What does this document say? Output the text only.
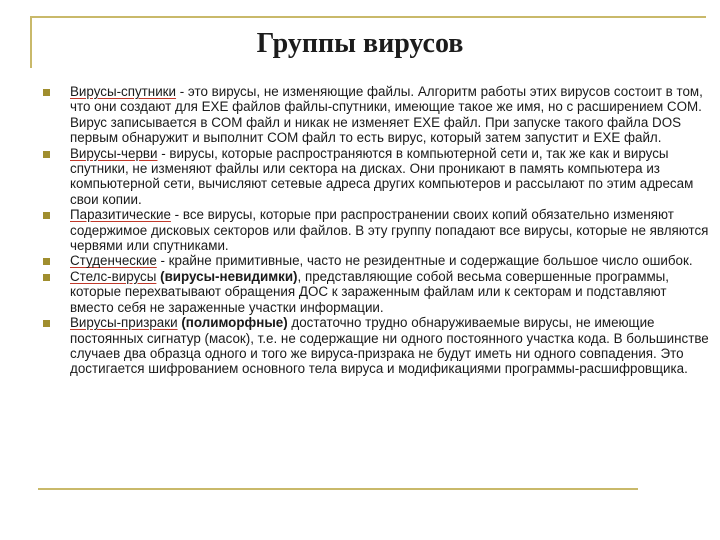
Группы вирусов
Вирусы-спутники - это вирусы, не изменяющие файлы. Алгоритм работы этих вирусов состоит в том, что они создают для EXE файлов файлы-спутники, имеющие такое же имя, но с расширением COM. Вирус записывается в COM файл и никак не изменяет EXE файл. При запуске такого файла DOS первым обнаружит и выполнит COM файл то есть вирус, который затем запустит и EXE файл.
Вирусы-черви - вирусы, которые распространяются в компьютерной сети и, так же как и вирусы спутники, не изменяют файлы или сектора на дисках. Они проникают в память компьютера из компьютерной сети, вычисляют сетевые адреса других компьютеров и рассылают по этим адресам свои копии.
Паразитические - все вирусы, которые при распространении своих копий обязательно изменяют содержимое дисковых секторов или файлов. В эту группу попадают все вирусы, которые не являются червями или спутниками.
Студенческие - крайне примитивные, часто не резидентные и содержащие большое число ошибок.
Стелс-вирусы (вирусы-невидимки), представляющие собой весьма совершенные программы, которые перехватывают обращения ДОС к зараженным файлам или к секторам и подставляют вместо себя не зараженные участки информации.
Вирусы-призраки (полиморфные) достаточно трудно обнаруживаемые вирусы, не имеющие постоянных сигнатур (масок), т.е. не содержащие ни одного постоянного участка кода. В большинстве случаев два образца одного и того же вируса-призрака не будут иметь ни одного совпадения. Это достигается шифрованием основного тела вируса и модификациями программы-расшифровщика.
